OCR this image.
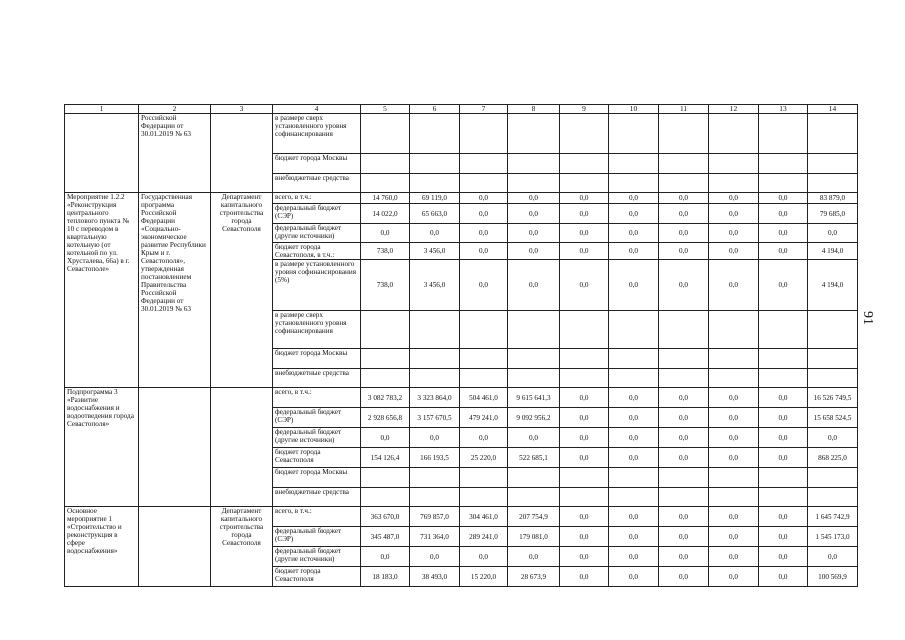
1	2	3	4	5	6	7	8	9	10	11	12	13	14
	Российской Федерации от 30.01.2019 № 63		в размере сверх установленного уровня софинансирования										
			бюджет города Москвы										
			внебюджетные средства										
Мероприятие 1.2.2 «Реконструкция центрального теплового пункта № 10 с переводом в квартальную котельную (от котельной по ул. Хрусталева, 66а) в г. Севастополе»	Государственная программа Российской Федерации «Социально-экономическое развитие Республики Крым и г. Севастополя», утвержденная постановлением Правительства Российской Федерации от 30.01.2019 № 63	Департамент капитального строительства города Севастополя	всего, в т.ч.:	14 760,0	69 119,0	0,0	0,0	0,0	0,0	0,0	0,0	0,0	83 879,0
			федеральный бюджет (СЭР)	14 022,0	65 663,0	0,0	0,0	0,0	0,0	0,0	0,0	0,0	79 685,0
			федеральный бюджет (другие источники)	0,0	0,0	0,0	0,0	0,0	0,0	0,0	0,0	0,0	0,0
			бюджет города Севастополя, в т.ч.:	738,0	3 456,0	0,0	0,0	0,0	0,0	0,0	0,0	0,0	4 194,0
			в размере установленного уровня софинансирования (5%)	738,0	3 456,0	0,0	0,0	0,0	0,0	0,0	0,0	0,0	4 194,0
			в размере сверх установленного уровня софинансирования										
			бюджет города Москвы										
			внебюджетные средства										
Подпрограмма 3 «Развитие водоснабжения и водоотведения города Севастополя»			всего, в т.ч.:	3 082 783,2	3 323 864,0	504 461,0	9 615 641,3	0,0	0,0	0,0	0,0	0,0	16 526 749,5
			федеральный бюджет (СЭР)	2 928 656,8	3 157 670,5	479 241,0	9 092 956,2	0,0	0,0	0,0	0,0	0,0	15 658 524,5
			федеральный бюджет (другие источники)	0,0	0,0	0,0	0,0	0,0	0,0	0,0	0,0	0,0	0,0
			бюджет города Севастополя	154 126,4	166 193,5	25 220,0	522 685,1	0,0	0,0	0,0	0,0	0,0	868 225,0
			бюджет города Москвы										
			внебюджетные средства										
Основное мероприятие 1 «Строительство и реконструкция в сфере водоснабжения»		Департамент капитального строительства города Севастополя	всего, в т.ч.:	363 670,0	769 857,0	304 461,0	207 754,9	0,0	0,0	0,0	0,0	0,0	1 645 742,9
			федеральный бюджет (СЭР)	345 487,0	731 364,0	289 241,0	179 081,0	0,0	0,0	0,0	0,0	0,0	1 545 173,0
			федеральный бюджет (другие источники)	0,0	0,0	0,0	0,0	0,0	0,0	0,0	0,0	0,0	0,0
			бюджет города Севастополя	18 183,0	38 493,0	15 220,0	28 673,9	0,0	0,0	0,0	0,0	0,0	100 569,9
91
